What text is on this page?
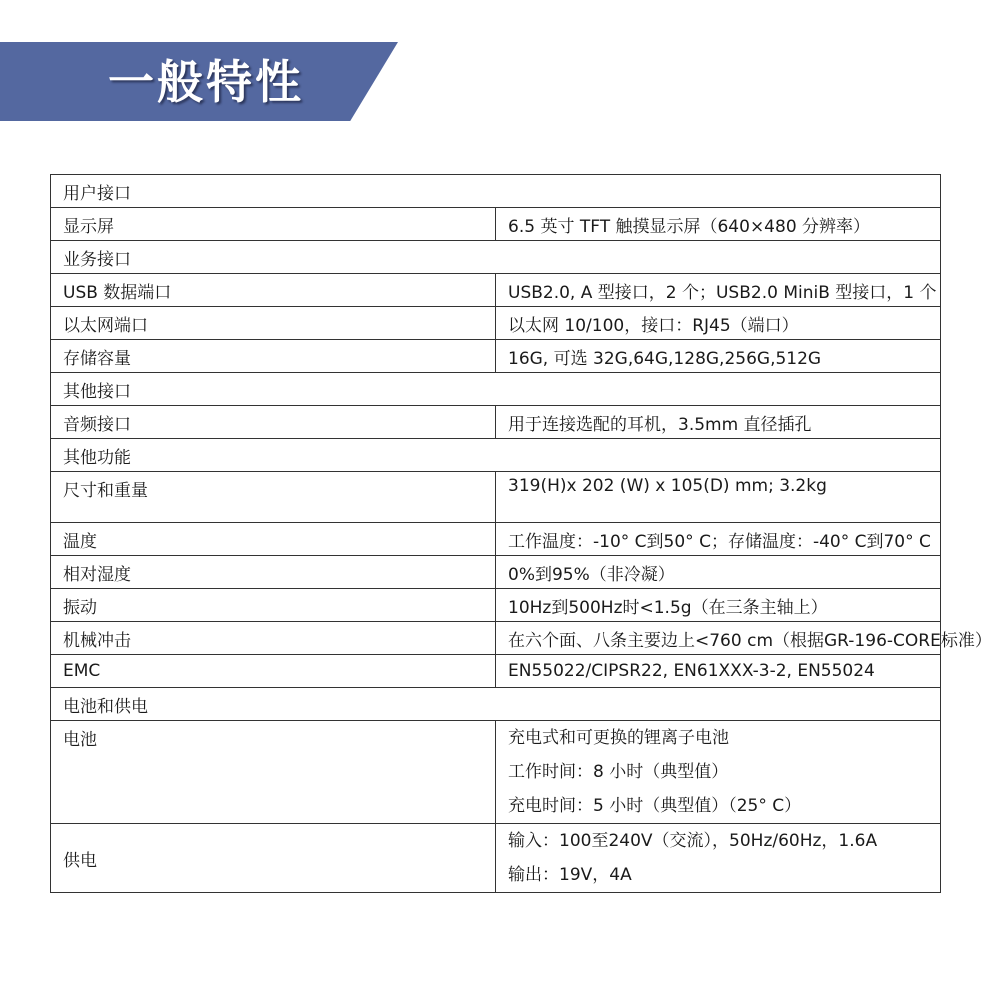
一般特性
用户接口	
显示屏	6.5 英寸 TFT 触摸显示屏（640×480 分辨率）
业务接口	
USB 数据端口	USB2.0, A 型接口，2 个；USB2.0 MiniB 型接口，1 个
以太网端口	以太网 10/100，接口：RJ45（端口）
存储容量	16G, 可选 32G,64G,128G,256G,512G
其他接口	
音频接口	用于连接选配的耳机，3.5mm 直径插孔
其他功能	
尺寸和重量	319(H)x 202 (W) x 105(D) mm; 3.2kg
温度	工作温度：-10° C到50° C；存储温度：-40° C到70° C
相对湿度	0%到95%（非冷凝）
振动	10Hz到500Hz时<1.5g（在三条主轴上）
机械冲击	在六个面、八条主要边上<760 cm（根据GR-196-CORE标准）
EMC	EN55022/CIPSR22, EN61XXX-3-2, EN55024
电池和供电	
电池	充电式和可更换的锂离子电池
工作时间：8 小时（典型值）
充电时间：5 小时（典型值）（25° C）

供电	输入：100至240V（交流），50Hz/60Hz，1.6A
输出：19V，4A
